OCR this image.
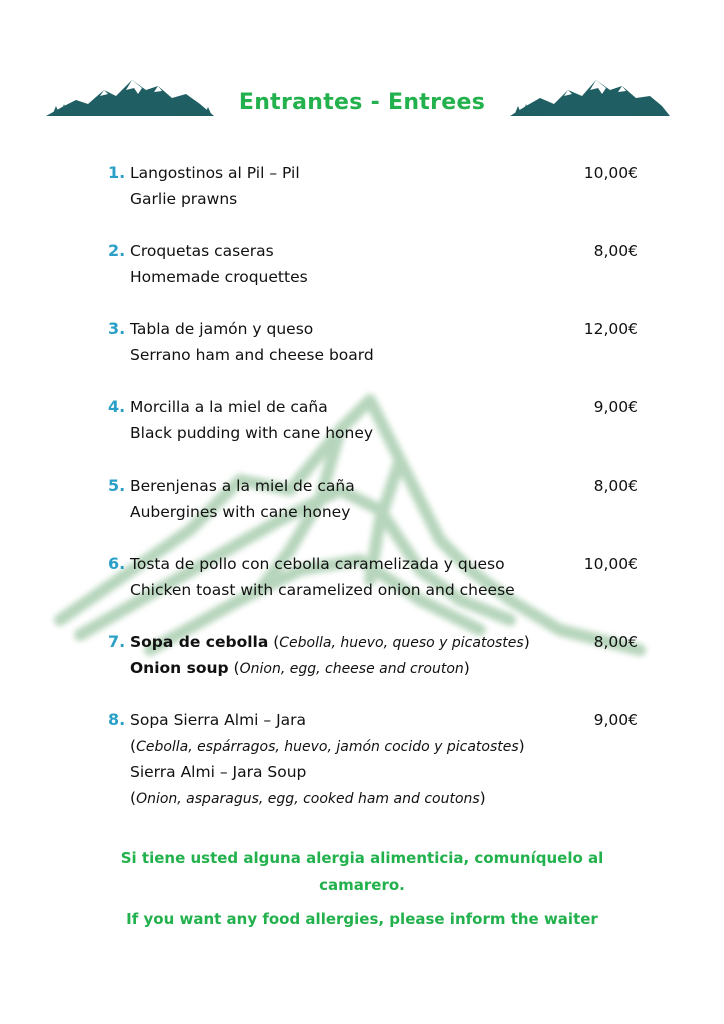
Entrantes - Entrees
1. Langostinos al Pil – Pil
Garlie prawns
10,00€
2. Croquetas caseras
Homemade croquettes
8,00€
3. Tabla de jamón y queso
Serrano ham and cheese board
12,00€
4. Morcilla a la miel de caña
Black pudding with cane honey
9,00€
5. Berenjenas a la miel de caña
Aubergines with cane honey
8,00€
6. Tosta de pollo con cebolla caramelizada y queso
Chicken toast with caramelized onion and cheese
10,00€
7. Sopa de cebolla (Cebolla, huevo, queso y picatostes)
Onion soup (Onion, egg, cheese and crouton)
8,00€
8. Sopa Sierra Almi – Jara
(Cebolla, espárragos, huevo, jamón cocido y picatostes)
Sierra Almi – Jara Soup
(Onion, asparagus, egg, cooked ham and coutons)
9,00€
Si tiene usted alguna alergia alimenticia, comuníquelo al
camarero.
If you want any food allergies, please inform the waiter
